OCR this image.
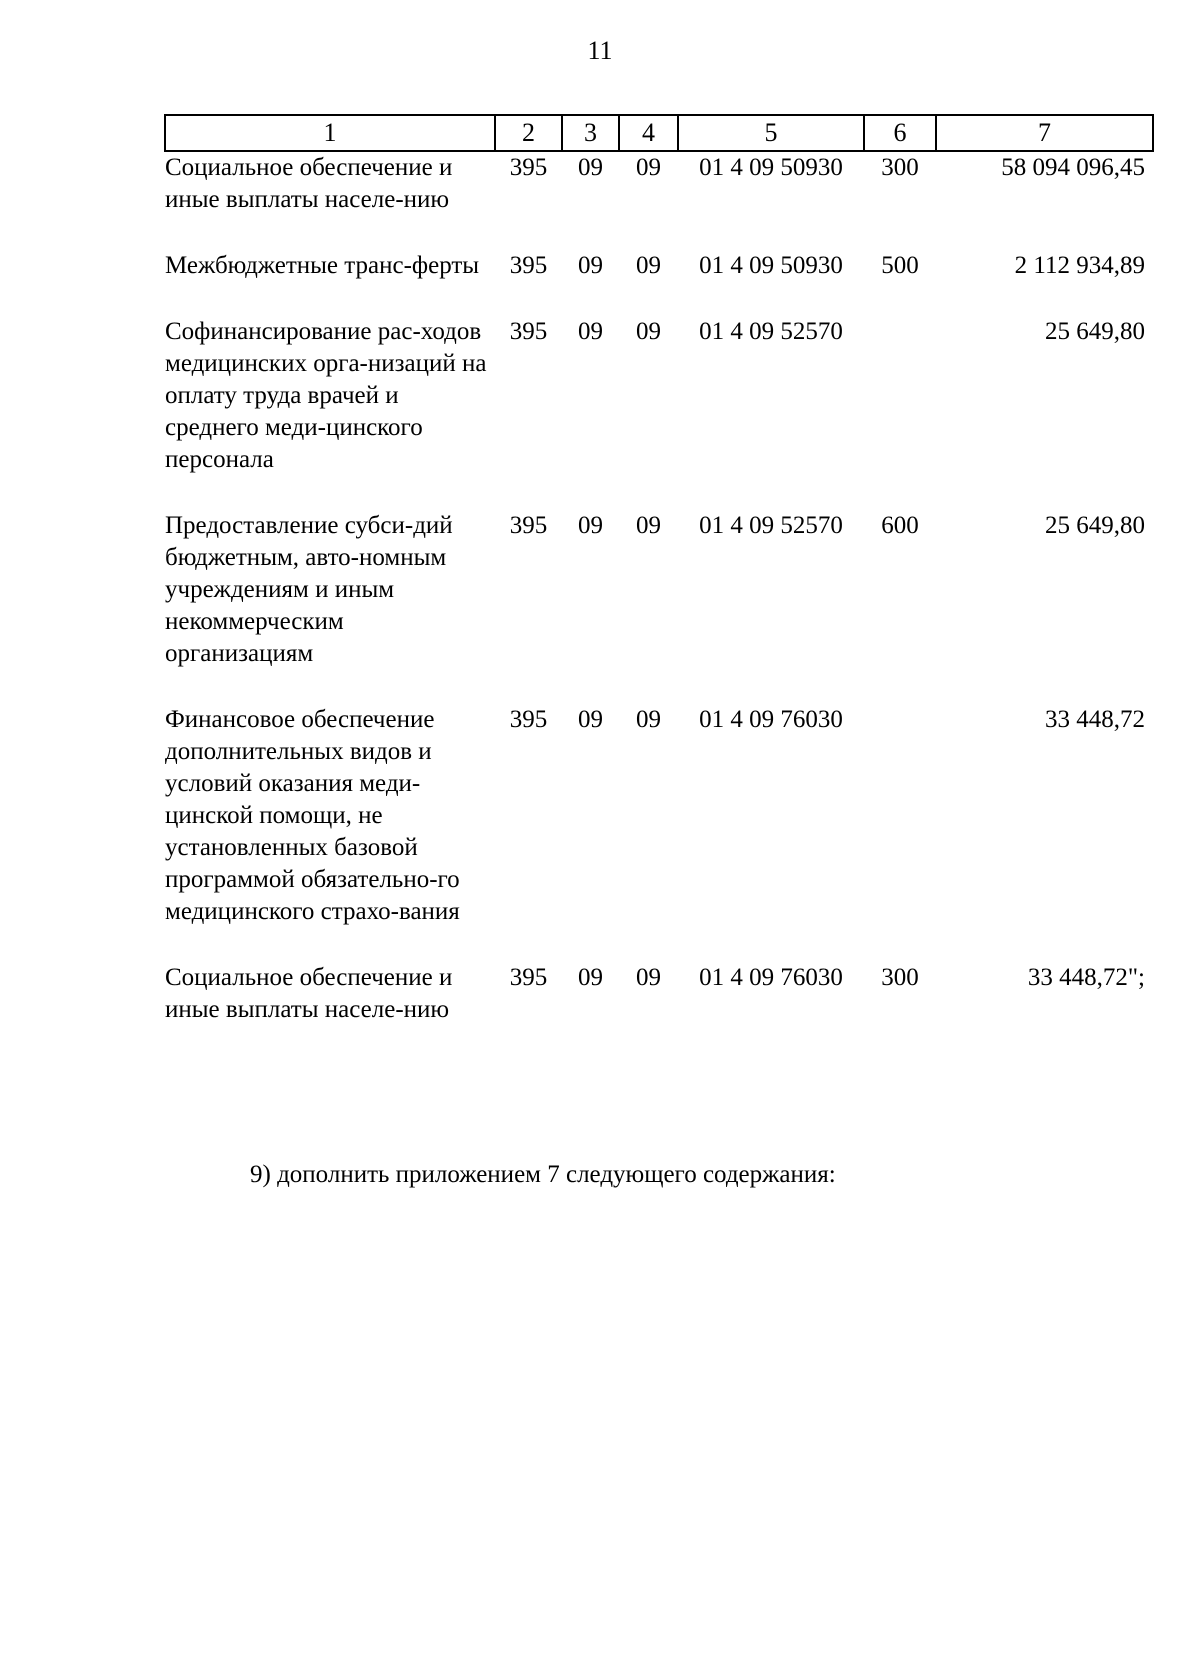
11
1	2	3	4	5	6	7
Социальное обеспечение и иные выплаты населе-нию	395	09	09	01 4 09 50930	300	58 094 096,45
Межбюджетные транс-ферты	395	09	09	01 4 09 50930	500	2 112 934,89
Софинансирование рас-ходов медицинских орга-низаций на оплату труда врачей и среднего меди-цинского персонала	395	09	09	01 4 09 52570		25 649,80
Предоставление субси-дий бюджетным, авто-номным учреждениям и иным некоммерческим организациям	395	09	09	01 4 09 52570	600	25 649,80
Финансовое обеспечение дополнительных видов и условий оказания меди-цинской помощи, не установленных базовой программой обязательно-го медицинского страхо-вания	395	09	09	01 4 09 76030		33 448,72
Социальное обеспечение и иные выплаты населе-нию	395	09	09	01 4 09 76030	300	33 448,72";
9) дополнить приложением 7 следующего содержания:
